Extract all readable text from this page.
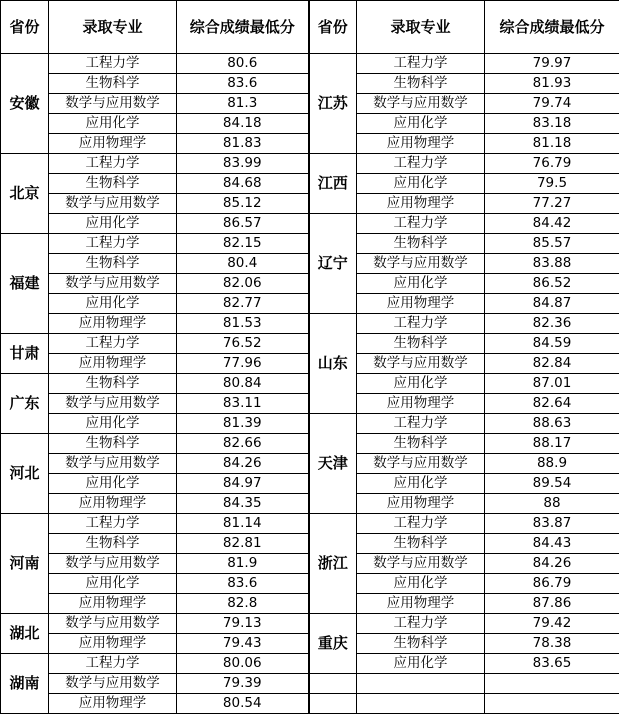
省份	录取专业	综合成绩最低分	省份	录取专业	综合成绩最低分
安徽	工程力学	80.6	江苏	工程力学	79.97
	生物科学	83.6		生物科学	81.93
	数学与应用数学	81.3		数学与应用数学	79.74
	应用化学	84.18		应用化学	83.18
	应用物理学	81.83		应用物理学	81.18
北京	工程力学	83.99	江西	工程力学	76.79
	生物科学	84.68		应用化学	79.5
	数学与应用数学	85.12		应用物理学	77.27
	应用化学	86.57	辽宁	工程力学	84.42
福建	工程力学	82.15		生物科学	85.57
	生物科学	80.4		数学与应用数学	83.88
	数学与应用数学	82.06		应用化学	86.52
	应用化学	82.77		应用物理学	84.87
	应用物理学	81.53	山东	工程力学	82.36
甘肃	工程力学	76.52		生物科学	84.59
	应用物理学	77.96		数学与应用数学	82.84
广东	生物科学	80.84		应用化学	87.01
	数学与应用数学	83.11		应用物理学	82.64
	应用化学	81.39	天津	工程力学	88.63
河北	生物科学	82.66		生物科学	88.17
	数学与应用数学	84.26		数学与应用数学	88.9
	应用化学	84.97		应用化学	89.54
	应用物理学	84.35		应用物理学	88
河南	工程力学	81.14	浙江	工程力学	83.87
	生物科学	82.81		生物科学	84.43
	数学与应用数学	81.9		数学与应用数学	84.26
	应用化学	83.6		应用化学	86.79
	应用物理学	82.8		应用物理学	87.86
湖北	数学与应用数学	79.13	重庆	工程力学	79.42
	应用物理学	79.43		生物科学	78.38
湖南	工程力学	80.06		应用化学	83.65
	数学与应用数学	79.39			
	应用物理学	80.54			
